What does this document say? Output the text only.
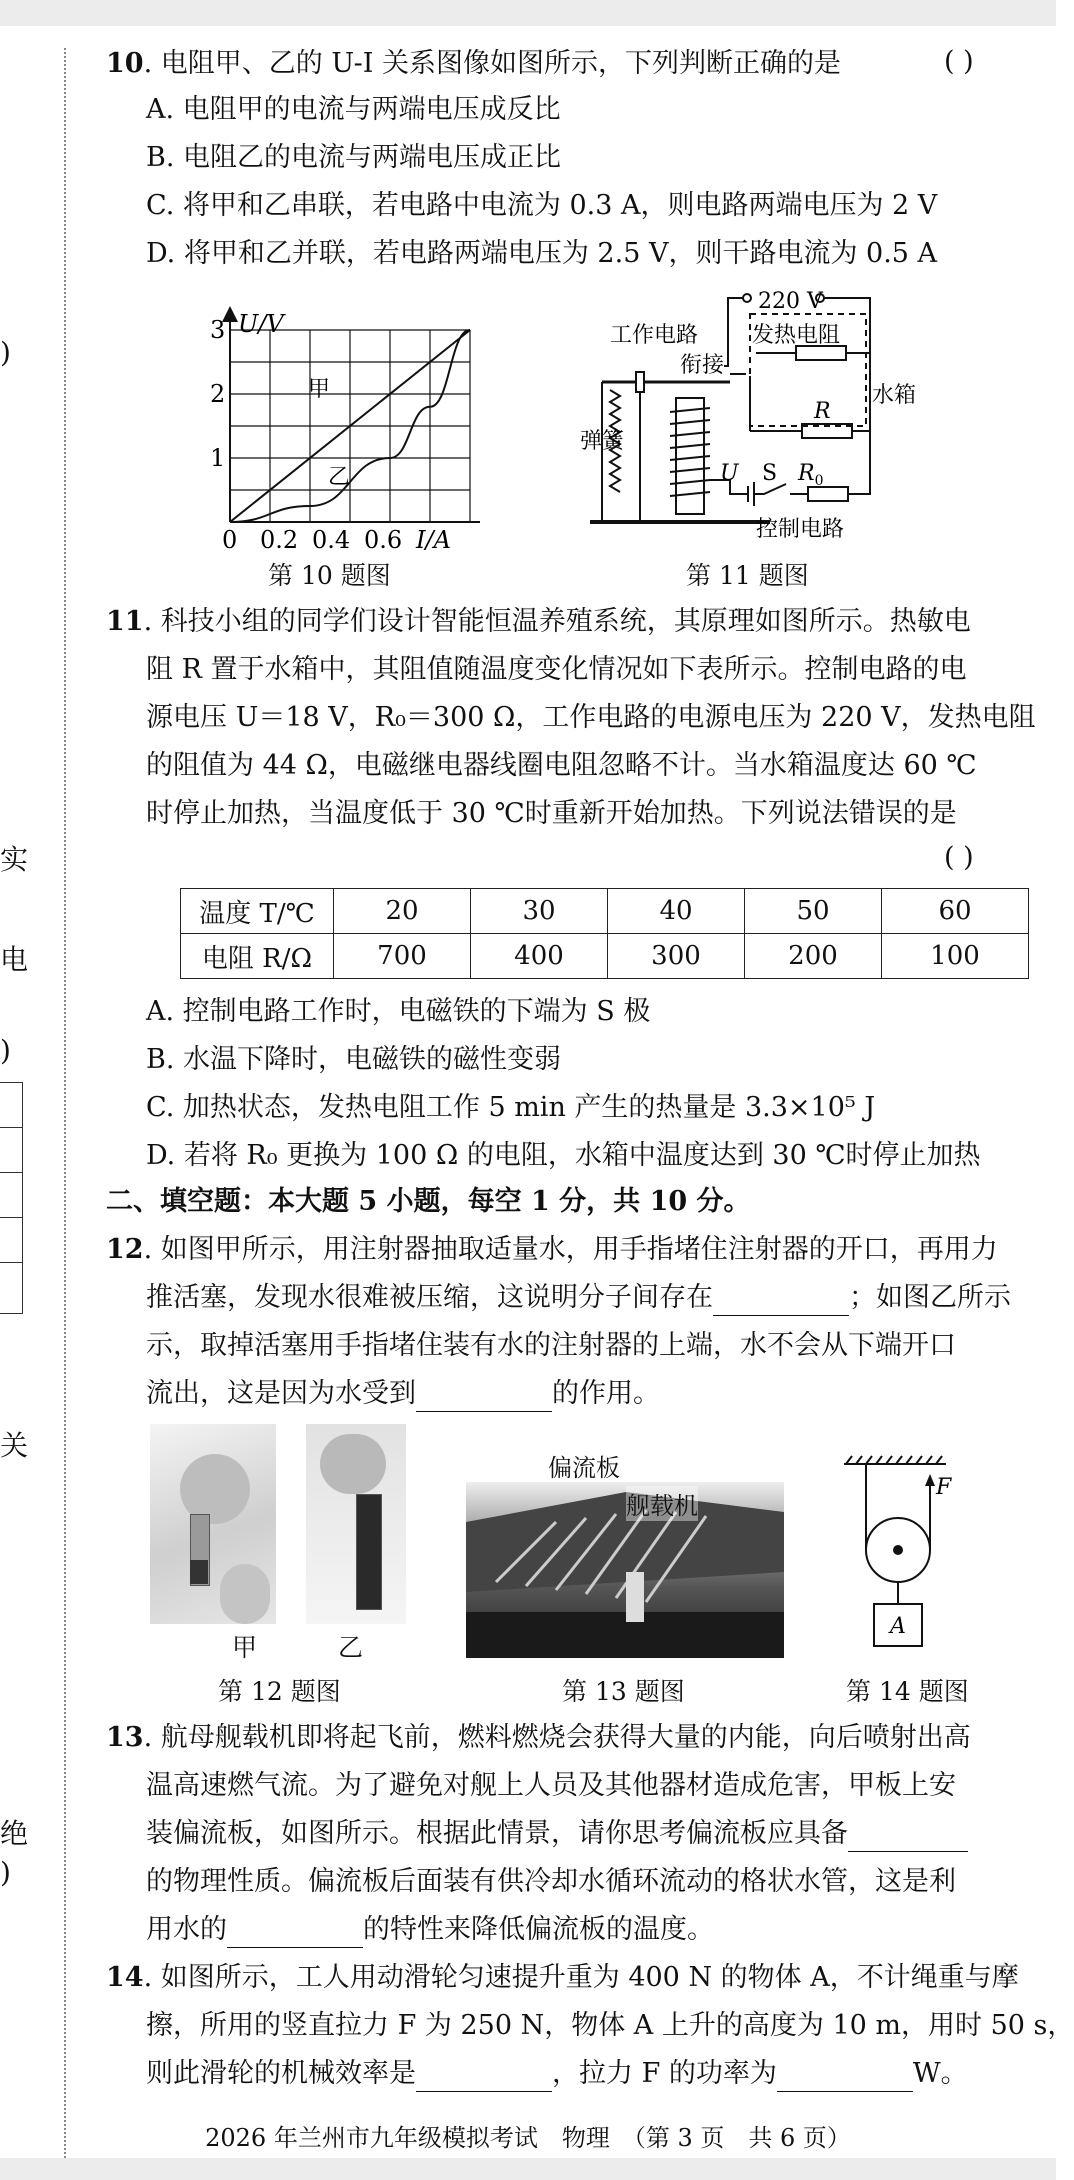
)
实
电
)
关
绝
)
10. 电阻甲、乙的 U-I 关系图像如图所示，下列判断正确的是	( )
A. 电阻甲的电流与两端电压成反比
B. 电阻乙的电流与两端电压成正比
C. 将甲和乙串联，若电路中电流为 0.3 A，则电路两端电压为 2 V
D. 将甲和乙并联，若电路两端电压为 2.5 V，则干路电流为 0.5 A
U/V
I/A
3
2
1
0 0.2 0.4 0.6
甲
乙
第 10 题图
220 V
工作电路 发热电阻
水箱
衔接
R
弹簧
U S $R_0$
控制电路
第 11 题图
11. 科技小组的同学们设计智能恒温养殖系统，其原理如图所示。热敏电
阻 R 置于水箱中，其阻值随温度变化情况如下表所示。控制电路的电
源电压 U＝18 V，R₀＝300 Ω，工作电路的电源电压为 220 V，发热电阻
的阻值为 44 Ω，电磁继电器线圈电阻忽略不计。当水箱温度达 60 ℃
时停止加热，当温度低于 30 ℃时重新开始加热。下列说法错误的是
( )
温度 T/℃	20	30	40	50	60
电阻 R/Ω	700	400	300	200	100
A. 控制电路工作时，电磁铁的下端为 S 极
B. 水温下降时，电磁铁的磁性变弱
C. 加热状态，发热电阻工作 5 min 产生的热量是 3.3×10⁵ J
D. 若将 R₀ 更换为 100 Ω 的电阻，水箱中温度达到 30 ℃时停止加热
二、填空题：本大题 5 小题，每空 1 分，共 10 分。
12. 如图甲所示，用注射器抽取适量水，用手指堵住注射器的开口，再用力
推活塞，发现水很难被压缩，这说明分子间存在	；如图乙所示
示，取掉活塞用手指堵住装有水的注射器的上端，水不会从下端开口
流出，这是因为水受到	的作用。
甲	乙
第 12 题图
偏流板
舰载机
第 13 题图
F
A
第 14 题图
13. 航母舰载机即将起飞前，燃料燃烧会获得大量的内能，向后喷射出高
温高速燃气流。为了避免对舰上人员及其他器材造成危害，甲板上安
装偏流板，如图所示。根据此情景，请你思考偏流板应具备
的物理性质。偏流板后面装有供冷却水循环流动的格状水管，这是利
用水的	的特性来降低偏流板的温度。
14. 如图所示，工人用动滑轮匀速提升重为 400 N 的物体 A，不计绳重与摩
擦，所用的竖直拉力 F 为 250 N，物体 A 上升的高度为 10 m，用时 50 s，
则此滑轮的机械效率是	，拉力 F 的功率为	W。
2026 年兰州市九年级模拟考试　物理　（第 3 页　共 6 页）
